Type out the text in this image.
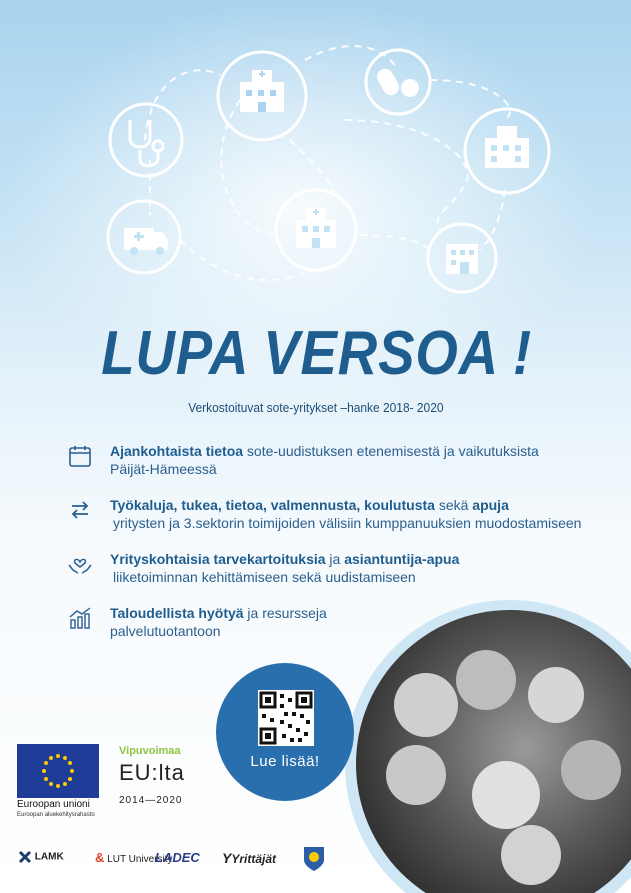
LUPA VERSOA !
Verkostoituvat sote-yritykset –hanke 2018- 2020
Ajankohtaista tietoa sote-uudistuksen etenemisestä ja vaikutuksista
Päijät-Hämeessä
Työkaluja, tukea, tietoa, valmennusta, koulutusta sekä apuja
yritysten ja 3.sektorin toimijoiden välisiin kumppanuuksien muodostamiseen
Yrityskohtaisia tarvekartoituksia ja asiantuntija-apua
liiketoiminnan kehittämiseen sekä uudistamiseen
Taloudellista hyötyä ja resursseja
palvelutuotantoon
Lue lisää!
Euroopan unioni
Euroopan aluekehitysrahasto
Vipuvoimaa
EU:lta
2014—2020
LAMK & LUT University
LADEC YYrittäjät
